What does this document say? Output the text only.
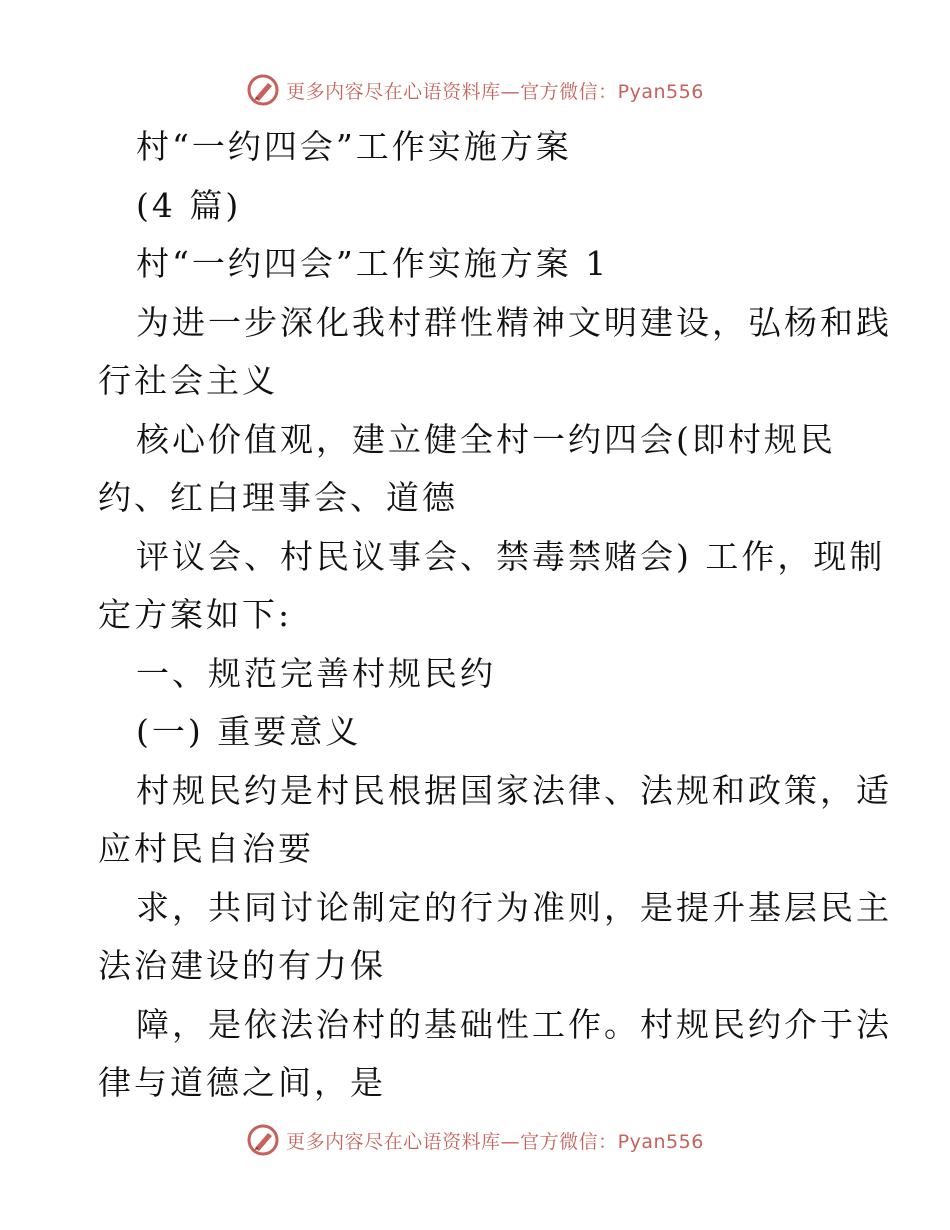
更多内容尽在心语资料库—官方微信：Pyan556
村“一约四会”工作实施方案
(4 篇)
村“一约四会”工作实施方案 1
为进一步深化我村群性精神文明建设，弘杨和践
行社会主义
核心价值观，建立健全村一约四会(即村规民
约、红白理事会、道德
评议会、村民议事会、禁毒禁赌会) 工作，现制
定方案如下:
一、规范完善村规民约
(一) 重要意义
村规民约是村民根据国家法律、法规和政策，适
应村民自治要
求，共同讨论制定的行为准则，是提升基层民主
法治建设的有力保
障，是依法治村的基础性工作。村规民约介于法
律与道德之间，是
更多内容尽在心语资料库—官方微信：Pyan556
